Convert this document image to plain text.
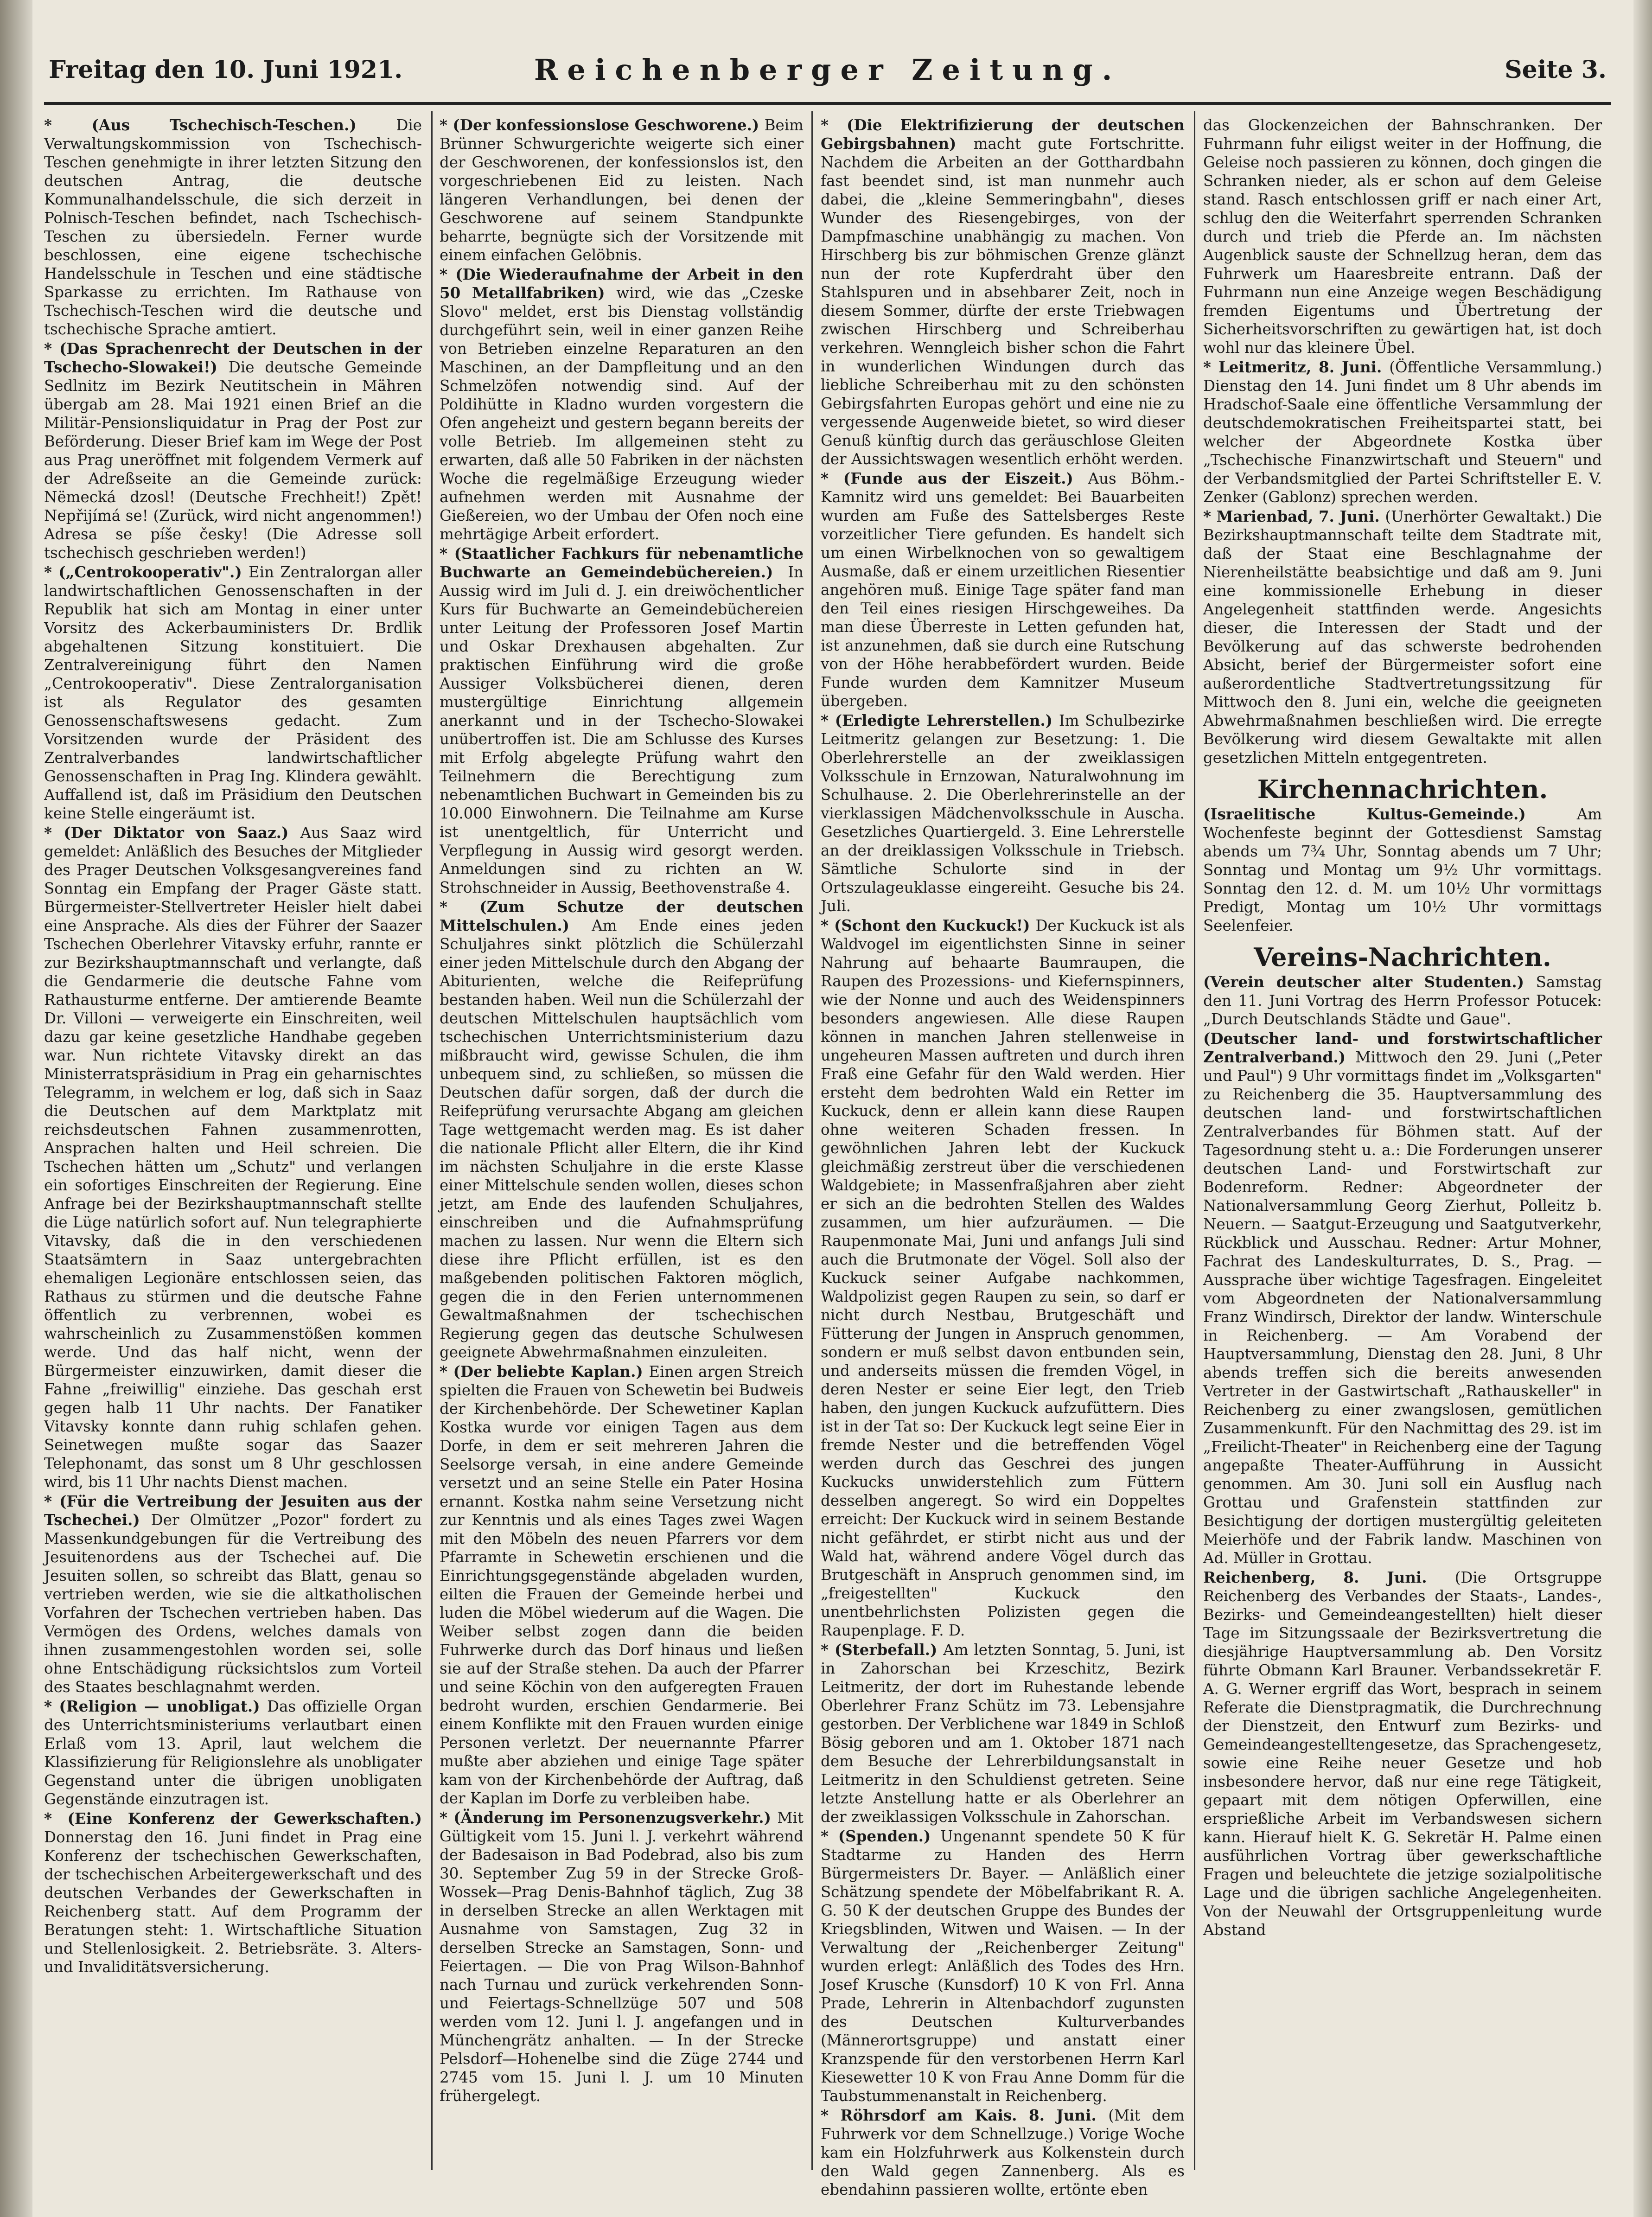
Freitag den 10. Juni 1921.	Reichenberger Zeitung.	Seite 3.

* (Aus Tschechisch-Teschen.) Die Verwaltungskommission von Tschechisch-Teschen genehmigte in ihrer letzten Sitzung den deutschen Antrag, die deutsche Kommunalhandelsschule, die sich derzeit in Polnisch-Teschen befindet, nach Tschechisch-Teschen zu übersiedeln. Ferner wurde beschlossen, eine eigene tschechische Handelsschule in Teschen und eine städtische Sparkasse zu errichten. Im Rathause von Tschechisch-Teschen wird die deutsche und tschechische Sprache amtiert.

* (Das Sprachenrecht der Deutschen in der Tschecho-Slowakei!) Die deutsche Gemeinde Sedlnitz im Bezirk Neutitschein in Mähren übergab am 28. Mai 1921 einen Brief an die Militär-Pensionsliquidatur in Prag der Post zur Beförderung. Dieser Brief kam im Wege der Post aus Prag uneröffnet mit folgendem Vermerk auf der Adreßseite an die Gemeinde zurück: Nëmecká dzosl! (Deutsche Frechheit!) Zpět! Nepřijímá se! (Zurück, wird nicht angenommen!) Adresa se píše česky! (Die Adresse soll tschechisch geschrieben werden!)

* („Centrokooperativ".) Ein Zentralorgan aller landwirtschaftlichen Genossenschaften in der Republik hat sich am Montag in einer unter Vorsitz des Ackerbauministers Dr. Brdlik abgehaltenen Sitzung konstituiert. Die Zentralvereinigung führt den Namen „Centrokooperativ". Diese Zentralorganisation ist als Regulator des gesamten Genossenschaftswesens gedacht. Zum Vorsitzenden wurde der Präsident des Zentralverbandes landwirtschaftlicher Genossenschaften in Prag Ing. Klindera gewählt. Auffallend ist, daß im Präsidium den Deutschen keine Stelle eingeräumt ist.

* (Der Diktator von Saaz.) Aus Saaz wird gemeldet: Anläßlich des Besuches der Mitglieder des Prager Deutschen Volksgesangvereines fand Sonntag ein Empfang der Prager Gäste statt. Bürgermeister-Stellvertreter Heisler hielt dabei eine Ansprache. Als dies der Führer der Saazer Tschechen Oberlehrer Vitavsky erfuhr, rannte er zur Bezirkshauptmannschaft und verlangte, daß die Gendarmerie die deutsche Fahne vom Rathausturme entferne. Der amtierende Beamte Dr. Villoni — verweigerte ein Einschreiten, weil dazu gar keine gesetzliche Handhabe gegeben war. Nun richtete Vitavsky direkt an das Ministerratspräsidium in Prag ein geharnischtes Telegramm, in welchem er log, daß sich in Saaz die Deutschen auf dem Marktplatz mit reichsdeutschen Fahnen zusammenrotten, Ansprachen halten und Heil schreien. Die Tschechen hätten um „Schutz" und verlangen ein sofortiges Einschreiten der Regierung. Eine Anfrage bei der Bezirkshauptmannschaft stellte die Lüge natürlich sofort auf. Nun telegraphierte Vitavsky, daß die in den verschiedenen Staatsämtern in Saaz untergebrachten ehemaligen Legionäre entschlossen seien, das Rathaus zu stürmen und die deutsche Fahne öffentlich zu verbrennen, wobei es wahrscheinlich zu Zusammenstößen kommen werde. Und das half nicht, wenn der Bürgermeister einzuwirken, damit dieser die Fahne „freiwillig" einziehe. Das geschah erst gegen halb 11 Uhr nachts. Der Fanatiker Vitavsky konnte dann ruhig schlafen gehen. Seinetwegen mußte sogar das Saazer Telephonamt, das sonst um 8 Uhr geschlossen wird, bis 11 Uhr nachts Dienst machen.

* (Für die Vertreibung der Jesuiten aus der Tschechei.) Der Olmützer „Pozor" fordert zu Massenkundgebungen für die Vertreibung des Jesuitenordens aus der Tschechei auf. Die Jesuiten sollen, so schreibt das Blatt, genau so vertrieben werden, wie sie die altkatholischen Vorfahren der Tschechen vertrieben haben. Das Vermögen des Ordens, welches damals von ihnen zusammengestohlen worden sei, solle ohne Entschädigung rücksichtslos zum Vorteil des Staates beschlagnahmt werden.

* (Religion — unobligat.) Das offizielle Organ des Unterrichtsministeriums verlautbart einen Erlaß vom 13. April, laut welchem die Klassifizierung für Religionslehre als unobligater Gegenstand unter die übrigen unobligaten Gegenstände einzutragen ist.

* (Eine Konferenz der Gewerkschaften.) Donnerstag den 16. Juni findet in Prag eine Konferenz der tschechischen Gewerkschaften, der tschechischen Arbeitergewerkschaft und des deutschen Verbandes der Gewerkschaften in Reichenberg statt. Auf dem Programm der Beratungen steht: 1. Wirtschaftliche Situation und Stellenlosigkeit. 2. Betriebsräte. 3. Alters- und Invaliditätsversicherung.

* (Der konfessionslose Geschworene.) Beim Brünner Schwurgerichte weigerte sich einer der Geschworenen, der konfessionslos ist, den vorgeschriebenen Eid zu leisten. Nach längeren Verhandlungen, bei denen der Geschworene auf seinem Standpunkte beharrte, begnügte sich der Vorsitzende mit einem einfachen Gelöbnis.

* (Die Wiederaufnahme der Arbeit in den 50 Metallfabriken) wird, wie das „Czeske Slovo" meldet, erst bis Dienstag vollständig durchgeführt sein, weil in einer ganzen Reihe von Betrieben einzelne Reparaturen an den Maschinen, an der Dampfleitung und an den Schmelzöfen notwendig sind. Auf der Poldihütte in Kladno wurden vorgestern die Ofen angeheizt und gestern begann bereits der volle Betrieb. Im allgemeinen steht zu erwarten, daß alle 50 Fabriken in der nächsten Woche die regelmäßige Erzeugung wieder aufnehmen werden mit Ausnahme der Gießereien, wo der Umbau der Ofen noch eine mehrtägige Arbeit erfordert.

* (Staatlicher Fachkurs für nebenamtliche Buchwarte an Gemeindebüchereien.) In Aussig wird im Juli d. J. ein dreiwöchentlicher Kurs für Buchwarte an Gemeindebüchereien unter Leitung der Professoren Josef Martin und Oskar Drexhausen abgehalten. Zur praktischen Einführung wird die große Aussiger Volksbücherei dienen, deren mustergültige Einrichtung allgemein anerkannt und in der Tschecho-Slowakei unübertroffen ist. Die am Schlusse des Kurses mit Erfolg abgelegte Prüfung wahrt den Teilnehmern die Berechtigung zum nebenamtlichen Buchwart in Gemeinden bis zu 10.000 Einwohnern. Die Teilnahme am Kurse ist unentgeltlich, für Unterricht und Verpflegung in Aussig wird gesorgt werden. Anmeldungen sind zu richten an W. Strohschneider in Aussig, Beethovenstraße 4.

* (Zum Schutze der deutschen Mittelschulen.) Am Ende eines jeden Schuljahres sinkt plötzlich die Schülerzahl einer jeden Mittelschule durch den Abgang der Abiturienten, welche die Reifeprüfung bestanden haben. Weil nun die Schülerzahl der deutschen Mittelschulen hauptsächlich vom tschechischen Unterrichtsministerium dazu mißbraucht wird, gewisse Schulen, die ihm unbequem sind, zu schließen, so müssen die Deutschen dafür sorgen, daß der durch die Reifeprüfung verursachte Abgang am gleichen Tage wettgemacht werden mag. Es ist daher die nationale Pflicht aller Eltern, die ihr Kind im nächsten Schuljahre in die erste Klasse einer Mittelschule senden wollen, dieses schon jetzt, am Ende des laufenden Schuljahres, einschreiben und die Aufnahmsprüfung machen zu lassen. Nur wenn die Eltern sich diese ihre Pflicht erfüllen, ist es den maßgebenden politischen Faktoren möglich, gegen die in den Ferien unternommenen Gewaltmaßnahmen der tschechischen Regierung gegen das deutsche Schulwesen geeignete Abwehrmaßnahmen einzuleiten.

* (Der beliebte Kaplan.) Einen argen Streich spielten die Frauen von Schewetin bei Budweis der Kirchenbehörde. Der Schewetiner Kaplan Kostka wurde vor einigen Tagen aus dem Dorfe, in dem er seit mehreren Jahren die Seelsorge versah, in eine andere Gemeinde versetzt und an seine Stelle ein Pater Hosina ernannt. Kostka nahm seine Versetzung nicht zur Kenntnis und als eines Tages zwei Wagen mit den Möbeln des neuen Pfarrers vor dem Pfarramte in Schewetin erschienen und die Einrichtungsgegenstände abgeladen wurden, eilten die Frauen der Gemeinde herbei und luden die Möbel wiederum auf die Wagen. Die Weiber selbst zogen dann die beiden Fuhrwerke durch das Dorf hinaus und ließen sie auf der Straße stehen. Da auch der Pfarrer und seine Köchin von den aufgeregten Frauen bedroht wurden, erschien Gendarmerie. Bei einem Konflikte mit den Frauen wurden einige Personen verletzt. Der neuernannte Pfarrer mußte aber abziehen und einige Tage später kam von der Kirchenbehörde der Auftrag, daß der Kaplan im Dorfe zu verbleiben habe.

* (Änderung im Personenzugsverkehr.) Mit Gültigkeit vom 15. Juni l. J. verkehrt während der Badesaison in Bad Podebrad, also bis zum 30. September Zug 59 in der Strecke Groß-Wossek—Prag Denis-Bahnhof täglich, Zug 38 in derselben Strecke an allen Werktagen mit Ausnahme von Samstagen, Zug 32 in derselben Strecke an Samstagen, Sonn- und Feiertagen. — Die von Prag Wilson-Bahnhof nach Turnau und zurück verkehrenden Sonn- und Feiertags-Schnellzüge 507 und 508 werden vom 12. Juni l. J. angefangen und in Münchengrätz anhalten. — In der Strecke Pelsdorf—Hohenelbe sind die Züge 2744 und 2745 vom 15. Juni l. J. um 10 Minuten frühergelegt.

* (Die Elektrifizierung der deutschen Gebirgsbahnen) macht gute Fortschritte. Nachdem die Arbeiten an der Gotthardbahn fast beendet sind, ist man nunmehr auch dabei, die „kleine Semmeringbahn", dieses Wunder des Riesengebirges, von der Dampfmaschine unabhängig zu machen. Von Hirschberg bis zur böhmischen Grenze glänzt nun der rote Kupferdraht über den Stahlspuren und in absehbarer Zeit, noch in diesem Sommer, dürfte der erste Triebwagen zwischen Hirschberg und Schreiberhau verkehren. Wenngleich bisher schon die Fahrt in wunderlichen Windungen durch das liebliche Schreiberhau mit zu den schönsten Gebirgsfahrten Europas gehört und eine nie zu vergessende Augenweide bietet, so wird dieser Genuß künftig durch das geräuschlose Gleiten der Aussichtswagen wesentlich erhöht werden.

* (Funde aus der Eiszeit.) Aus Böhm.-Kamnitz wird uns gemeldet: Bei Bauarbeiten wurden am Fuße des Sattelsberges Reste vorzeitlicher Tiere gefunden. Es handelt sich um einen Wirbelknochen von so gewaltigem Ausmaße, daß er einem urzeitlichen Riesentier angehören muß. Einige Tage später fand man den Teil eines riesigen Hirschgeweihes. Da man diese Überreste in Letten gefunden hat, ist anzunehmen, daß sie durch eine Rutschung von der Höhe herabbefördert wurden. Beide Funde wurden dem Kamnitzer Museum übergeben.

* (Erledigte Lehrerstellen.) Im Schulbezirke Leitmeritz gelangen zur Besetzung: 1. Die Oberlehrerstelle an der zweiklassigen Volksschule in Ernzowan, Naturalwohnung im Schulhause. 2. Die Oberlehrerinstelle an der vierklassigen Mädchenvolksschule in Auscha. Gesetzliches Quartiergeld. 3. Eine Lehrerstelle an der dreiklassigen Volksschule in Triebsch. Sämtliche Schulorte sind in der Ortszulageuklasse eingereiht. Gesuche bis 24. Juli.

* (Schont den Kuckuck!) Der Kuckuck ist als Waldvogel im eigentlichsten Sinne in seiner Nahrung auf behaarte Baumraupen, die Raupen des Prozessions- und Kiefernspinners, wie der Nonne und auch des Weidenspinners besonders angewiesen. Alle diese Raupen können in manchen Jahren stellenweise in ungeheuren Massen auftreten und durch ihren Fraß eine Gefahr für den Wald werden. Hier ersteht dem bedrohten Wald ein Retter im Kuckuck, denn er allein kann diese Raupen ohne weiteren Schaden fressen. In gewöhnlichen Jahren lebt der Kuckuck gleichmäßig zerstreut über die verschiedenen Waldgebiete; in Massenfraßjahren aber zieht er sich an die bedrohten Stellen des Waldes zusammen, um hier aufzuräumen. — Die Raupenmonate Mai, Juni und anfangs Juli sind auch die Brutmonate der Vögel. Soll also der Kuckuck seiner Aufgabe nachkommen, Waldpolizist gegen Raupen zu sein, so darf er nicht durch Nestbau, Brutgeschäft und Fütterung der Jungen in Anspruch genommen, sondern er muß selbst davon entbunden sein, und anderseits müssen die fremden Vögel, in deren Nester er seine Eier legt, den Trieb haben, den jungen Kuckuck aufzufüttern. Dies ist in der Tat so: Der Kuckuck legt seine Eier in fremde Nester und die betreffenden Vögel werden durch das Geschrei des jungen Kuckucks unwiderstehlich zum Füttern desselben angeregt. So wird ein Doppeltes erreicht: Der Kuckuck wird in seinem Bestande nicht gefährdet, er stirbt nicht aus und der Wald hat, während andere Vögel durch das Brutgeschäft in Anspruch genommen sind, im „freigestellten" Kuckuck den unentbehrlichsten Polizisten gegen die Raupenplage. F. D.

* (Sterbefall.) Am letzten Sonntag, 5. Juni, ist in Zahorschan bei Krzeschitz, Bezirk Leitmeritz, der dort im Ruhestande lebende Oberlehrer Franz Schütz im 73. Lebensjahre gestorben. Der Verblichene war 1849 in Schloß Bösig geboren und am 1. Oktober 1871 nach dem Besuche der Lehrerbildungsanstalt in Leitmeritz in den Schuldienst getreten. Seine letzte Anstellung hatte er als Oberlehrer an der zweiklassigen Volksschule in Zahorschan.

* (Spenden.) Ungenannt spendete 50 K für Stadtarme zu Handen des Herrn Bürgermeisters Dr. Bayer. — Anläßlich einer Schätzung spendete der Möbelfabrikant R. A. G. 50 K der deutschen Gruppe des Bundes der Kriegsblinden, Witwen und Waisen. — In der Verwaltung der „Reichenberger Zeitung" wurden erlegt: Anläßlich des Todes des Hrn. Josef Krusche (Kunsdorf) 10 K von Frl. Anna Prade, Lehrerin in Altenbachdorf zugunsten des Deutschen Kulturverbandes (Männerortsgruppe) und anstatt einer Kranzspende für den verstorbenen Herrn Karl Kiesewetter 10 K von Frau Anne Domm für die Taubstummenanstalt in Reichenberg.

* Röhrsdorf am Kais. 8. Juni. (Mit dem Fuhrwerk vor dem Schnellzuge.) Vorige Woche kam ein Holzfuhrwerk aus Kolkenstein durch den Wald gegen Zannenberg. Als es ebendahinn passieren wollte, ertönte eben

das Glockenzeichen der Bahnschranken. Der Fuhrmann fuhr eiligst weiter in der Hoffnung, die Geleise noch passieren zu können, doch gingen die Schranken nieder, als er schon auf dem Geleise stand. Rasch entschlossen griff er nach einer Art, schlug den die Weiterfahrt sperrenden Schranken durch und trieb die Pferde an. Im nächsten Augenblick sauste der Schnellzug heran, dem das Fuhrwerk um Haaresbreite entrann. Daß der Fuhrmann nun eine Anzeige wegen Beschädigung fremden Eigentums und Übertretung der Sicherheitsvorschriften zu gewärtigen hat, ist doch wohl nur das kleinere Übel.

* Leitmeritz, 8. Juni. (Öffentliche Versammlung.) Dienstag den 14. Juni findet um 8 Uhr abends im Hradschof-Saale eine öffentliche Versammlung der deutschdemokratischen Freiheitspartei statt, bei welcher der Abgeordnete Kostka über „Tschechische Finanzwirtschaft und Steuern" und der Verbandsmitglied der Partei Schriftsteller E. V. Zenker (Gablonz) sprechen werden.

* Marienbad, 7. Juni. (Unerhörter Gewaltakt.) Die Bezirkshauptmannschaft teilte dem Stadtrate mit, daß der Staat eine Beschlagnahme der Nierenheilstätte beabsichtige und daß am 9. Juni eine kommissionelle Erhebung in dieser Angelegenheit stattfinden werde. Angesichts dieser, die Interessen der Stadt und der Bevölkerung auf das schwerste bedrohenden Absicht, berief der Bürgermeister sofort eine außerordentliche Stadtvertretungssitzung für Mittwoch den 8. Juni ein, welche die geeigneten Abwehrmaßnahmen beschließen wird. Die erregte Bevölkerung wird diesem Gewaltakte mit allen gesetzlichen Mitteln entgegentreten.

Kirchennachrichten.

(Israelitische Kultus-Gemeinde.) Am Wochenfeste beginnt der Gottesdienst Samstag abends um 7¾ Uhr, Sonntag abends um 7 Uhr; Sonntag und Montag um 9½ Uhr vormittags. Sonntag den 12. d. M. um 10½ Uhr vormittags Predigt, Montag um 10½ Uhr vormittags Seelenfeier.

Vereins-Nachrichten.

(Verein deutscher alter Studenten.) Samstag den 11. Juni Vortrag des Herrn Professor Potucek: „Durch Deutschlands Städte und Gaue".

(Deutscher land- und forstwirtschaftlicher Zentralverband.) Mittwoch den 29. Juni („Peter und Paul") 9 Uhr vormittags findet im „Volksgarten" zu Reichenberg die 35. Hauptversammlung des deutschen land- und forstwirtschaftlichen Zentralverbandes für Böhmen statt. Auf der Tagesordnung steht u. a.: Die Forderungen unserer deutschen Land- und Forstwirtschaft zur Bodenreform. Redner: Abgeordneter der Nationalversammlung Georg Zierhut, Polleitz b. Neuern. — Saatgut-Erzeugung und Saatgutverkehr, Rückblick und Ausschau. Redner: Artur Mohner, Fachrat des Landeskulturrates, D. S., Prag. — Aussprache über wichtige Tagesfragen. Eingeleitet vom Abgeordneten der Nationalversammlung Franz Windirsch, Direktor der landw. Winterschule in Reichenberg. — Am Vorabend der Hauptversammlung, Dienstag den 28. Juni, 8 Uhr abends treffen sich die bereits anwesenden Vertreter in der Gastwirtschaft „Rathauskeller" in Reichenberg zu einer zwangslosen, gemütlichen Zusammenkunft. Für den Nachmittag des 29. ist im „Freilicht-Theater" in Reichenberg eine der Tagung angepaßte Theater-Aufführung in Aussicht genommen. Am 30. Juni soll ein Ausflug nach Grottau und Grafenstein stattfinden zur Besichtigung der dortigen mustergültig geleiteten Meierhöfe und der Fabrik landw. Maschinen von Ad. Müller in Grottau.

Reichenberg, 8. Juni. (Die Ortsgruppe Reichenberg des Verbandes der Staats-, Landes-, Bezirks- und Gemeindeangestellten) hielt dieser Tage im Sitzungssaale der Bezirksvertretung die diesjährige Hauptversammlung ab. Den Vorsitz führte Obmann Karl Brauner. Verbandssekretär F. A. G. Werner ergriff das Wort, besprach in seinem Referate die Dienstpragmatik, die Durchrechnung der Dienstzeit, den Entwurf zum Bezirks- und Gemeindeangestelltengesetze, das Sprachengesetz, sowie eine Reihe neuer Gesetze und hob insbesondere hervor, daß nur eine rege Tätigkeit, gepaart mit dem nötigen Opferwillen, eine ersprießliche Arbeit im Verbandswesen sichern kann. Hierauf hielt K. G. Sekretär H. Palme einen ausführlichen Vortrag über gewerkschaftliche Fragen und beleuchtete die jetzige sozialpolitische Lage und die übrigen sachliche Angelegenheiten. Von der Neuwahl der Ortsgruppenleitung wurde Abstand
